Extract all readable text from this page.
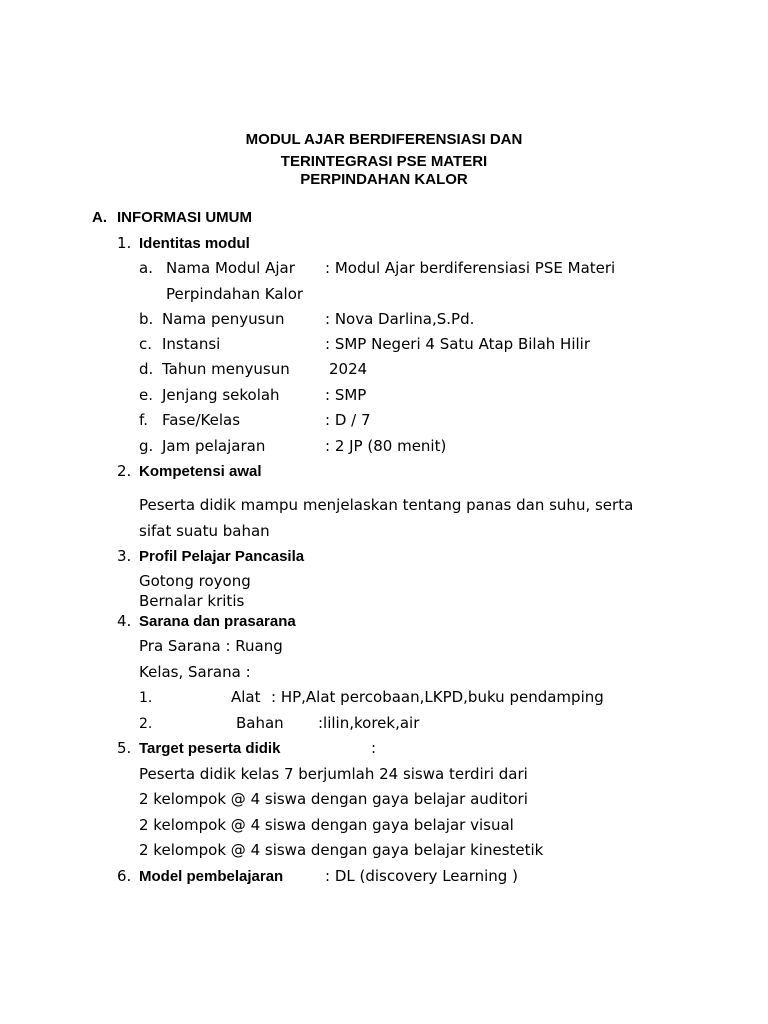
MODUL AJAR BERDIFERENSIASI DAN
TERINTEGRASI PSE MATERI
PERPINDAHAN KALOR
A. INFORMASI UMUM
1. Identitas modul
a. Nama Modul Ajar : Modul Ajar berdiferensiasi PSE Materi
Perpindahan Kalor
b. Nama penyusun	: Nova Darlina,S.Pd.
c. Instansi	: SMP Negeri 4 Satu Atap Bilah Hilir
d. Tahun menyusun	2024
e. Jenjang sekolah	: SMP
f. Fase/Kelas	: D / 7
g. Jam pelajaran	: 2 JP (80 menit)
2. Kompetensi awal
Peserta didik mampu menjelaskan tentang panas dan suhu, serta
sifat suatu bahan
3. Profil Pelajar Pancasila
Gotong royong
Bernalar kritis
4. Sarana dan prasarana
Pra Sarana : Ruang
Kelas, Sarana :
1.	Alat : HP,Alat percobaan,LKPD,buku pendamping
2.	Bahan :lilin,korek,air
5. Target peserta didik	:
Peserta didik kelas 7 berjumlah 24 siswa terdiri dari
2 kelompok @ 4 siswa dengan gaya belajar auditori
2 kelompok @ 4 siswa dengan gaya belajar visual
2 kelompok @ 4 siswa dengan gaya belajar kinestetik
6. Model pembelajaran	: DL (discovery Learning )
